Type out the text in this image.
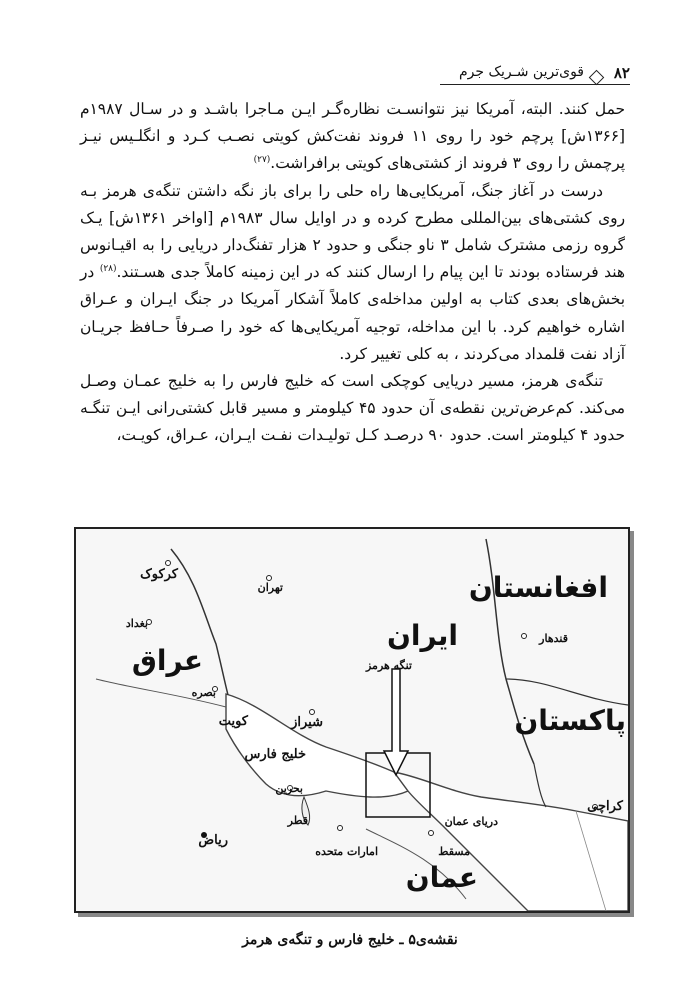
۸۲
قوی‌ترین شـریک جرم

حمل کنند. البته، آمریکا نیز نتوانسـت نظاره‌گـر ایـن مـاجرا باشـد و در سـال ۱۹۸۷م [۱۳۶۶ش] پرچم خود را روی ۱۱ فروند نفت‌کش کویتی نصـب کـرد و انگلـیس نیـز پرچمش را روی ۳ فروند از کشتی‌های کویتی برافراشت.$^{(۲۷)}$

درست در آغاز جنگ، آمریکایی‌ها راه حلی را برای باز نگه داشتن تنگه‌ی هرمز بـه روی کشتی‌های بین‌المللی مطرح کرده و در اوایل سال ۱۹۸۳م [اواخر ۱۳۶۱ش] یـک گروه رزمی مشترک شامل ۳ ناو جنگی و حدود ۲ هزار تفنگ‌دار دریایی را به اقیـانوس هند فرستاده بودند تا این پیام را ارسال کنند که در این زمینه کاملاً جدی هسـتند.$^{(۲۸)}$ در بخش‌های بعدی کتاب به اولین مداخله‌ی کاملاً آشکار آمریکا در جنگ ایـران و عـراق اشاره خواهیم کرد. با این مداخله، توجیه آمریکایی‌ها که خود را صـرفاً حـافظ جریـان آزاد نفت قلمداد می‌کردند ، به کلی تغییر کرد.

تنگه‌ی هرمز، مسیر دریایی کوچکی است که خلیج فارس را به خلیج عمـان وصـل می‌کند. کم‌عرض‌ترین نقطه‌ی آن حدود ۴۵ کیلومتر و مسیر قابل کشتی‌رانی ایـن تنگـه حدود ۴ کیلومتر است. حدود ۹۰ درصـد کـل تولیـدات نفـت ایـران، عـراق، کویـت،

کرکوک
تهران	افغانستان
بغداد	ایران
عراق
قندهار
تنگه هرمز
بصره
کویت	شیراز	پاکستان
خلیج فارس
بحرین
قطر	دریای عمان
کراچی
ریاض
امارات متحده	مسقط
عمان
نقشه‌ی۵ ـ خلیج فارس و تنگه‌ی هرمز
